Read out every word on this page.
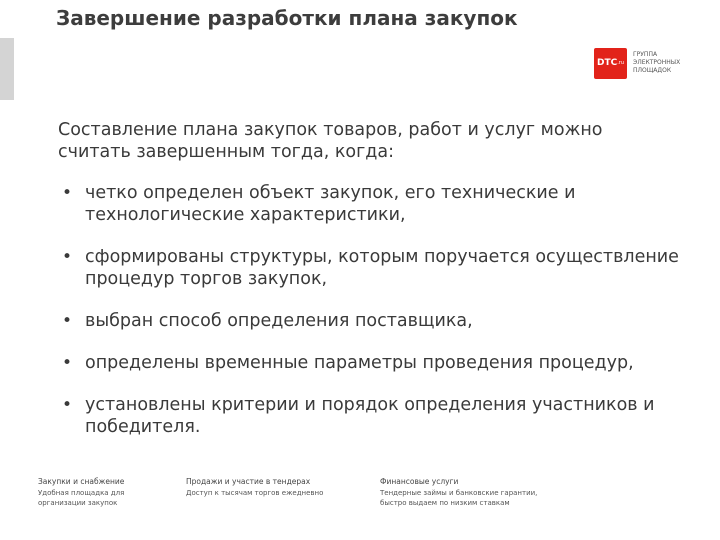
Завершение разработки плана закупок
DTC .ru
ГРУППА
ЭЛЕКТРОННЫХ
ПЛОЩАДОК

Составление плана закупок товаров, работ и услуг можно считать завершенным тогда, когда:

• четко определен объект закупок, его технические и технологические характеристики,
• сформированы структуры, которым поручается осуществление процедур торгов закупок,
• выбран способ определения поставщика,
• определены временные параметры проведения процедур,
• установлены критерии и порядок определения участников и победителя.
Закупки и снабжение
Удобная площадка для
организации закупок
Продажи и участие в тендерах
Доступ к тысячам торгов ежедневно
Финансовые услуги
Тендерные займы и банковские гарантии,
быстро выдаем по низким ставкам
